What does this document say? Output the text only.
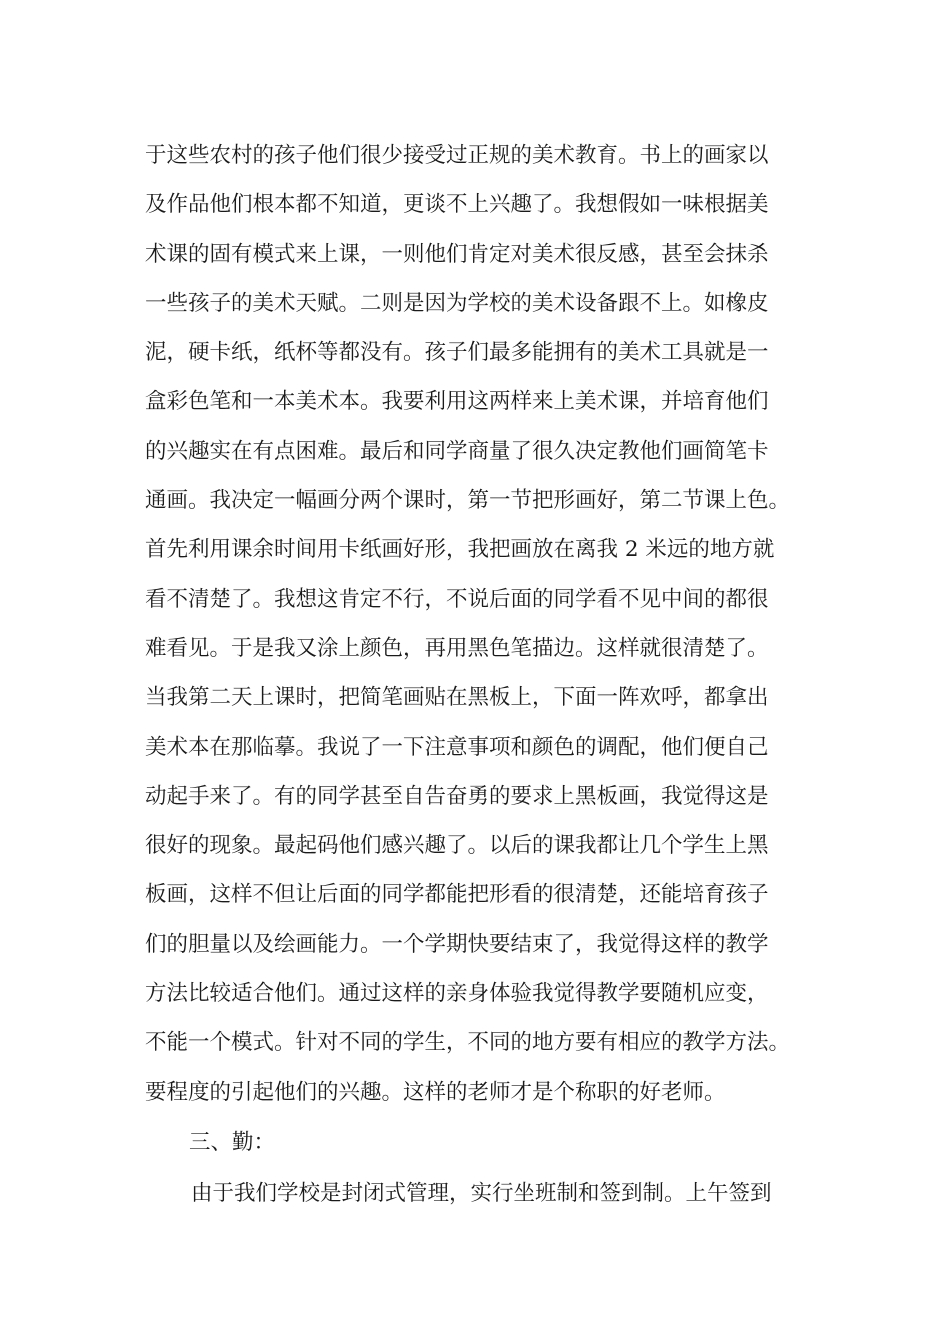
于这些农村的孩子他们很少接受过正规的美术教育。书上的画家以
及作品他们根本都不知道，更谈不上兴趣了。我想假如一味根据美
术课的固有模式来上课，一则他们肯定对美术很反感，甚至会抹杀
一些孩子的美术天赋。二则是因为学校的美术设备跟不上。如橡皮
泥，硬卡纸，纸杯等都没有。孩子们最多能拥有的美术工具就是一
盒彩色笔和一本美术本。我要利用这两样来上美术课，并培育他们
的兴趣实在有点困难。最后和同学商量了很久决定教他们画简笔卡
通画。我决定一幅画分两个课时，第一节把形画好，第二节课上色。
首先利用课余时间用卡纸画好形，我把画放在离我 2 米远的地方就
看不清楚了。我想这肯定不行，不说后面的同学看不见中间的都很
难看见。于是我又涂上颜色，再用黑色笔描边。这样就很清楚了。
当我第二天上课时，把简笔画贴在黑板上，下面一阵欢呼，都拿出
美术本在那临摹。我说了一下注意事项和颜色的调配，他们便自己
动起手来了。有的同学甚至自告奋勇的要求上黑板画，我觉得这是
很好的现象。最起码他们感兴趣了。以后的课我都让几个学生上黑
板画，这样不但让后面的同学都能把形看的很清楚，还能培育孩子
们的胆量以及绘画能力。一个学期快要结束了，我觉得这样的教学
方法比较适合他们。通过这样的亲身体验我觉得教学要随机应变，
不能一个模式。针对不同的学生，不同的地方要有相应的教学方法。
要程度的引起他们的兴趣。这样的老师才是个称职的好老师。
三、勤：
由于我们学校是封闭式管理，实行坐班制和签到制。上午签到
